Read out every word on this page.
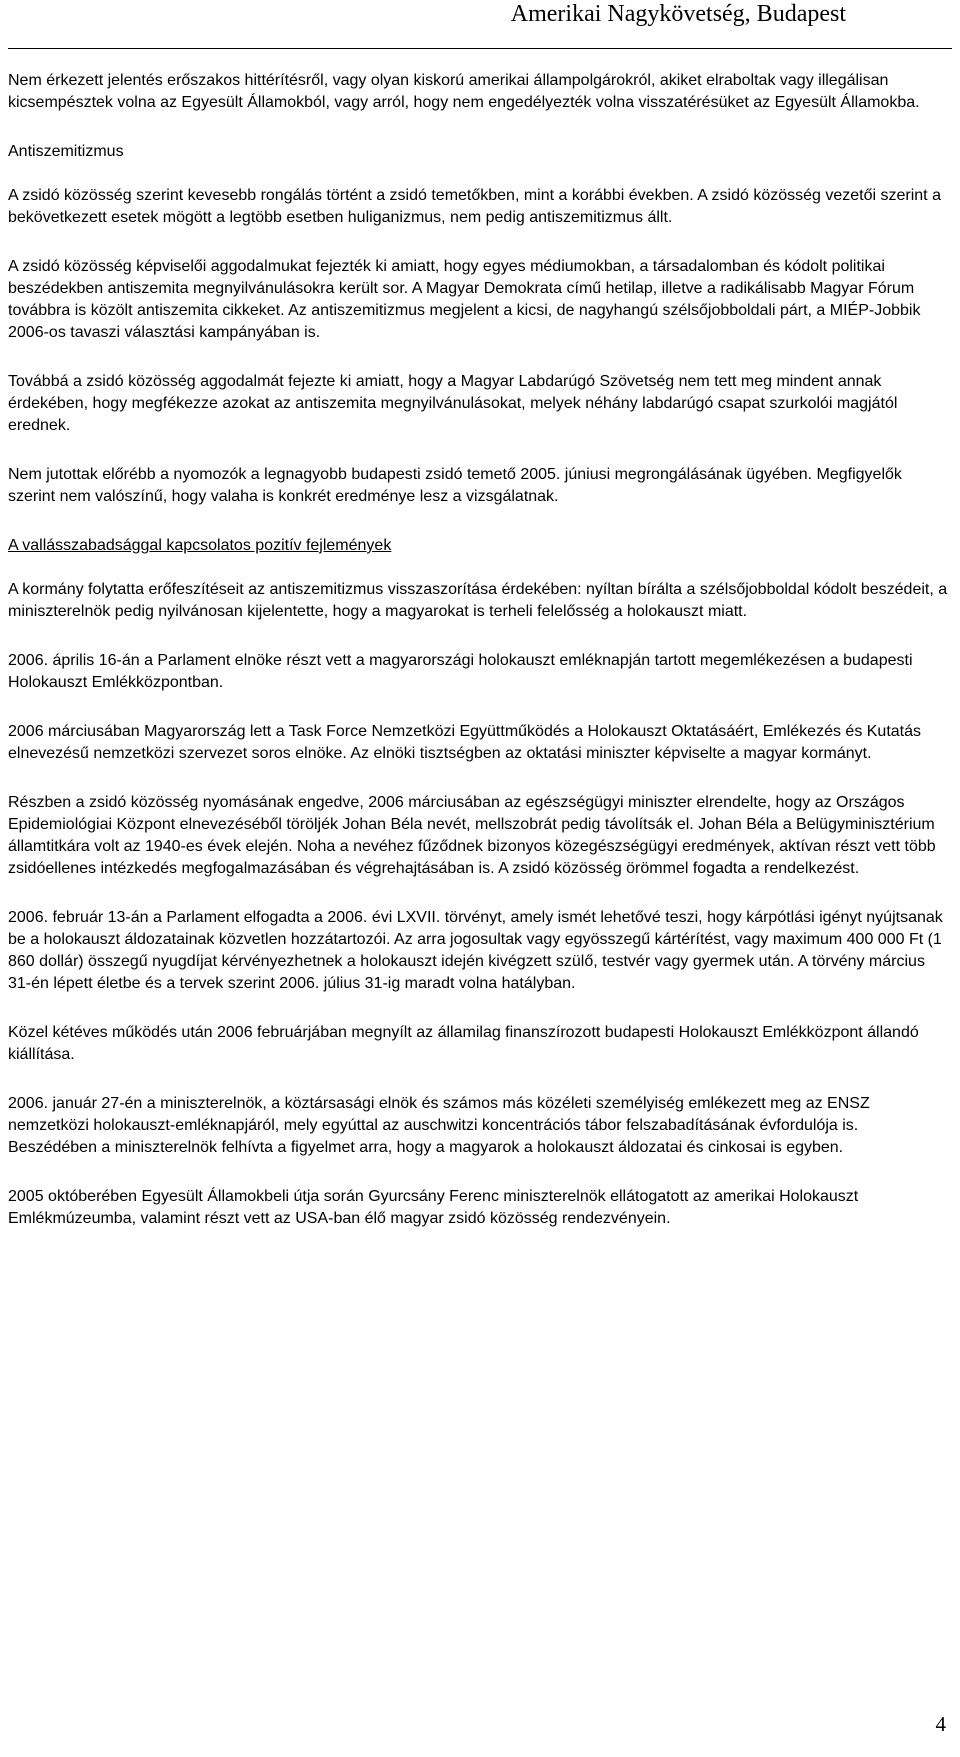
Amerikai Nagykövetség, Budapest

Nem érkezett jelentés erőszakos hittérítésről, vagy olyan kiskorú amerikai állampolgárokról, akiket elraboltak vagy illegálisan kicsempésztek volna az Egyesült Államokból, vagy arról, hogy nem engedélyezték volna visszatérésüket az Egyesült Államokba.

Antiszemitizmus

A zsidó közösség szerint kevesebb rongálás történt a zsidó temetőkben, mint a korábbi években. A zsidó közösség vezetői szerint a bekövetkezett esetek mögött a legtöbb esetben huliganizmus, nem pedig antiszemitizmus állt.

A zsidó közösség képviselői aggodalmukat fejezték ki amiatt, hogy egyes médiumokban, a társadalomban és kódolt politikai beszédekben antiszemita megnyilvánulásokra került sor. A Magyar Demokrata című hetilap, illetve a radikálisabb Magyar Fórum továbbra is közölt antiszemita cikkeket. Az antiszemitizmus megjelent a kicsi, de nagyhangú szélsőjobboldali párt, a MIÉP-Jobbik 2006-os tavaszi választási kampányában is.

Továbbá a zsidó közösség aggodalmát fejezte ki amiatt, hogy a Magyar Labdarúgó Szövetség nem tett meg mindent annak érdekében, hogy megfékezze azokat az antiszemita megnyilvánulásokat, melyek néhány labdarúgó csapat szurkolói magjától erednek.

Nem jutottak előrébb a nyomozók a legnagyobb budapesti zsidó temető 2005. júniusi megrongálásának ügyében. Megfigyelők szerint nem valószínű, hogy valaha is konkrét eredménye lesz a vizsgálatnak.

A vallásszabadsággal kapcsolatos pozitív fejlemények

A kormány folytatta erőfeszítéseit az antiszemitizmus visszaszorítása érdekében: nyíltan bírálta a szélsőjobboldal kódolt beszédeit, a miniszterelnök pedig nyilvánosan kijelentette, hogy a magyarokat is terheli felelősség a holokauszt miatt.

2006. április 16-án a Parlament elnöke részt vett a magyarországi holokauszt emléknapján tartott megemlékezésen a budapesti Holokauszt Emlékközpontban.

2006 márciusában Magyarország lett a Task Force Nemzetközi Együttműködés a Holokauszt Oktatásáért, Emlékezés és Kutatás elnevezésű nemzetközi szervezet soros elnöke. Az elnöki tisztségben az oktatási miniszter képviselte a magyar kormányt.

Részben a zsidó közösség nyomásának engedve, 2006 márciusában az egészségügyi miniszter elrendelte, hogy az Országos Epidemiológiai Központ elnevezéséből töröljék Johan Béla nevét, mellszobrát pedig távolítsák el. Johan Béla a Belügyminisztérium államtitkára volt az 1940-es évek elején. Noha a nevéhez fűződnek bizonyos közegészségügyi eredmények, aktívan részt vett több zsidóellenes intézkedés megfogalmazásában és végrehajtásában is. A zsidó közösség örömmel fogadta a rendelkezést.

2006. február 13-án a Parlament elfogadta a 2006. évi LXVII. törvényt, amely ismét lehetővé teszi, hogy kárpótlási igényt nyújtsanak be a holokauszt áldozatainak közvetlen hozzátartozói. Az arra jogosultak vagy egyösszegű kártérítést, vagy maximum 400 000 Ft (1 860 dollár) összegű nyugdíjat kérvényezhetnek a holokauszt idején kivégzett szülő, testvér vagy gyermek után. A törvény március 31-én lépett életbe és a tervek szerint 2006. július 31-ig maradt volna hatályban.

Közel kétéves működés után 2006 februárjában megnyílt az államilag finanszírozott budapesti Holokauszt Emlékközpont állandó kiállítása.

2006. január 27-én a miniszterelnök, a köztársasági elnök és számos más közéleti személyiség emlékezett meg az ENSZ nemzetközi holokauszt-emléknapjáról, mely egyúttal az auschwitzi koncentrációs tábor felszabadításának évfordulója is. Beszédében a miniszterelnök felhívta a figyelmet arra, hogy a magyarok a holokauszt áldozatai és cinkosai is egyben.

2005 októberében Egyesült Államokbeli útja során Gyurcsány Ferenc miniszterelnök ellátogatott az amerikai Holokauszt Emlékmúzeumba, valamint részt vett az USA-ban élő magyar zsidó közösség rendezvényein.

4
